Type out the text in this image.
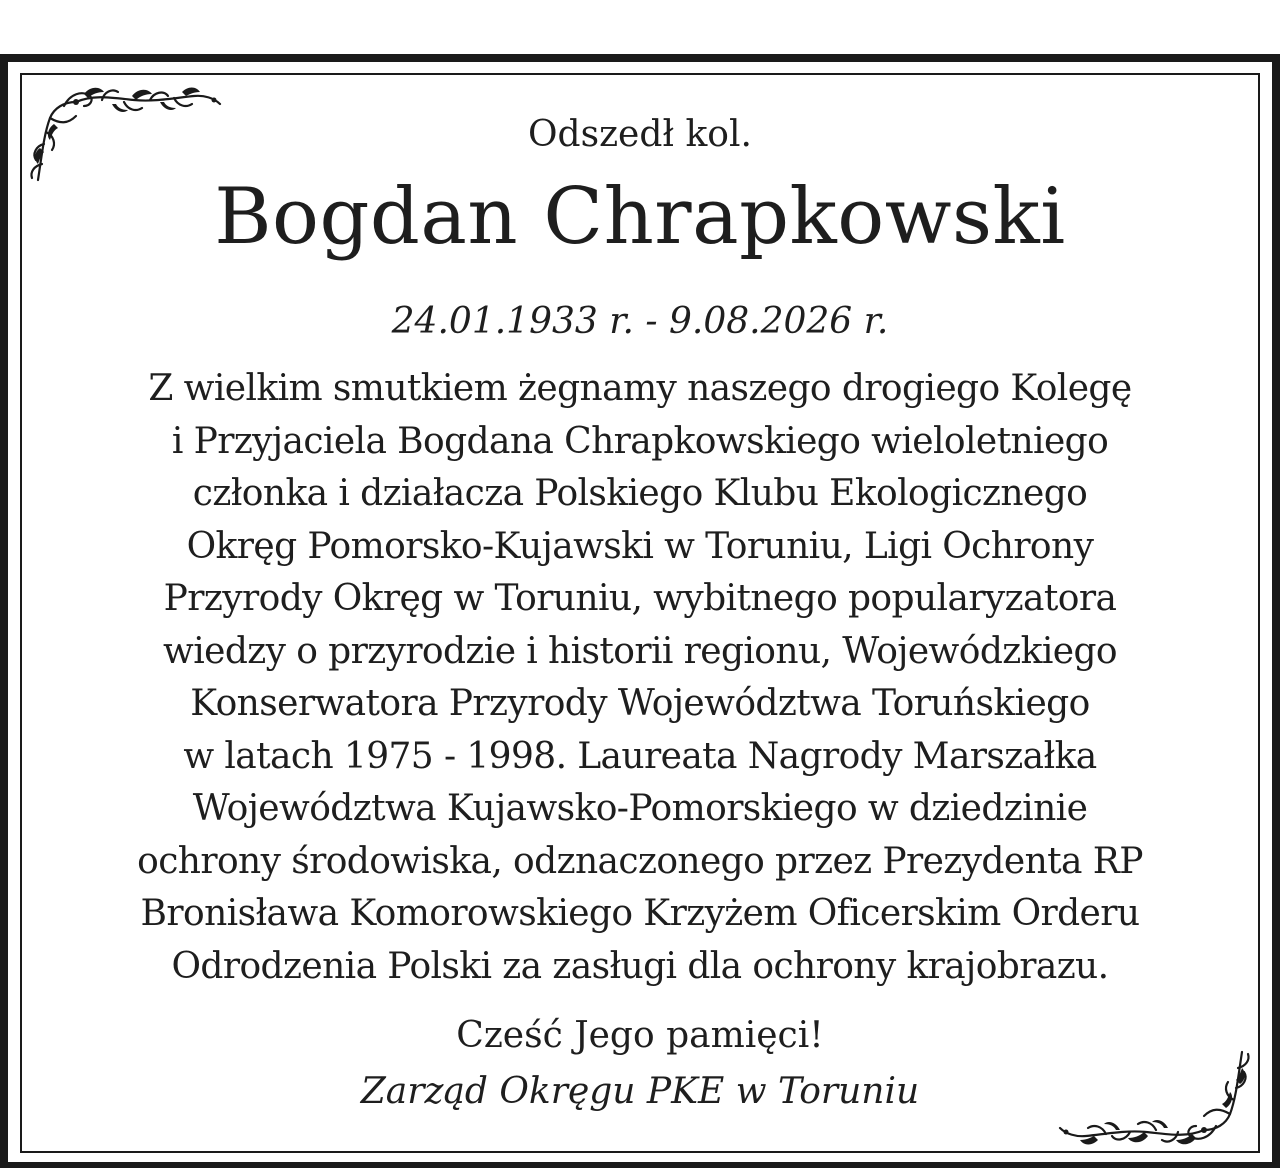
Odszedł kol.
Bogdan Chrapkowski
24.01.1933 r. - 9.08.2026 r.
Z wielkim smutkiem żegnamy naszego drogiego Kolegę
i Przyjaciela Bogdana Chrapkowskiego wieloletniego
członka i działacza Polskiego Klubu Ekologicznego
Okręg Pomorsko-Kujawski w Toruniu, Ligi Ochrony
Przyrody Okręg w Toruniu, wybitnego popularyzatora
wiedzy o przyrodzie i historii regionu, Wojewódzkiego
Konserwatora Przyrody Województwa Toruńskiego
w latach 1975 - 1998. Laureata Nagrody Marszałka
Województwa Kujawsko-Pomorskiego w dziedzinie
ochrony środowiska, odznaczonego przez Prezydenta RP
Bronisława Komorowskiego Krzyżem Oficerskim Orderu
Odrodzenia Polski za zasługi dla ochrony krajobrazu.
Cześć Jego pamięci!
Zarząd Okręgu PKE w Toruniu
